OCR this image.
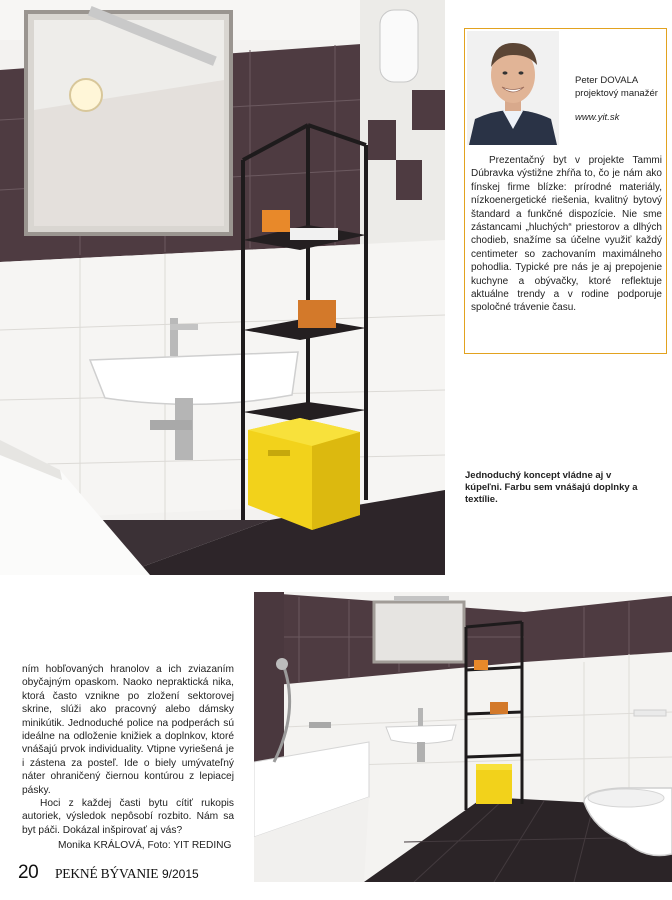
Peter DOVALA
projektový manažér
www.yit.sk

Prezentačný byt v projekte Tammi Dúbravka výstižne zhŕňa to, čo je nám ako fínskej firme blízke: prírodné materiály, nízkoenergetické riešenia, kvalitný bytový štandard a funkčné dispozície. Nie sme zástancami „hluchých“ priestorov a dlhých chodieb, snažíme sa účelne využiť každý centimeter so zachovaním maximálneho pohodlia. Typické pre nás je aj prepojenie kuchyne a obývačky, ktoré reflektuje aktuálne trendy a v rodine podporuje spoločné trávenie času.

Jednoduchý koncept vládne aj v kúpeľni. Farbu sem vnášajú doplnky a textílie.

ním hobľovaných hranolov a ich zviazaním obyčajným opaskom. Naoko nepraktická nika, ktorá často vznikne po zložení sektorovej skrine, slúži ako pracovný alebo dámsky minikútik. Jednoduché police na podperách sú ideálne na odloženie knižiek a doplnkov, ktoré vnášajú prvok individuality. Vtipne vyriešená je i zástena za posteľ. Ide o biely umývateľný náter ohraničený čiernou kontúrou z lepiacej pásky.

Hoci z každej časti bytu cítiť rukopis autoriek, výsledok nepôsobí rozbito. Nám sa byt páči. Dokázal inšpirovať aj vás?

Monika KRÁLOVÁ, Foto: YIT REDING
20 PEKNÉ BÝVANIE 9/2015
